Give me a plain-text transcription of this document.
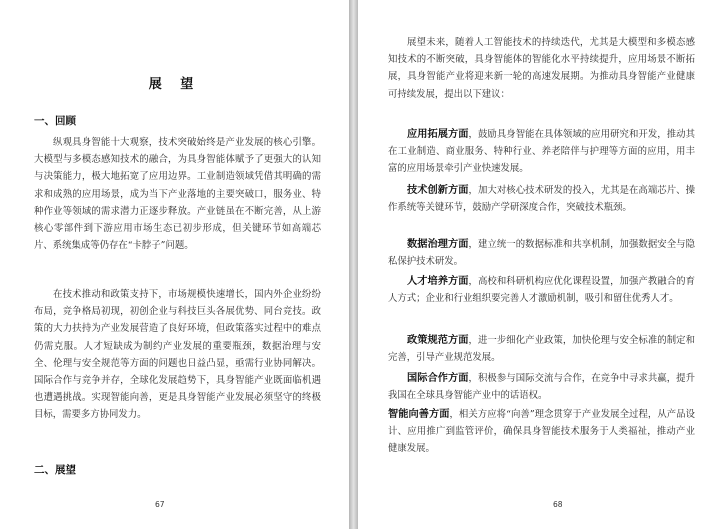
展 望
一、回顾

纵观具身智能十大观察，技术突破始终是产业发展的核心引擎。大模型与多模态感知技术的融合，为具身智能体赋予了更强大的认知与决策能力，极大地拓宽了应用边界。工业制造领域凭借其明确的需求和成熟的应用场景，成为当下产业落地的主要突破口，服务业、特种作业等领域的需求潜力正逐步释放。产业链虽在不断完善，从上游核心零部件到下游应用市场生态已初步形成，但关键环节如高端芯片、系统集成等仍存在“卡脖子”问题。

在技术推动和政策支持下，市场规模快速增长，国内外企业纷纷布局，竞争格局初现，初创企业与科技巨头各展优势、同台竞技。政策的大力扶持为产业发展营造了良好环境，但政策落实过程中的难点仍需克服。人才短缺成为制约产业发展的重要瓶颈，数据治理与安全、伦理与安全规范等方面的问题也日益凸显，亟需行业协同解决。国际合作与竞争并存，全球化发展趋势下，具身智能产业既面临机遇也遭遇挑战。实现智能向善，更是具身智能产业发展必须坚守的终极目标，需要多方协同发力。

二、展望
67

展望未来，随着人工智能技术的持续迭代，尤其是大模型和多模态感知技术的不断突破，具身智能体的智能化水平持续提升，应用场景不断拓展，具身智能产业将迎来新一轮的高速发展期。为推动具身智能产业健康可持续发展，提出以下建议：

应用拓展方面，鼓励具身智能在具体领域的应用研究和开发，推动其在工业制造、商业服务、特种行业、养老陪伴与护理等方面的应用，用丰富的应用场景牵引产业快速发展。

技术创新方面，加大对核心技术研发的投入，尤其是在高端芯片、操作系统等关键环节，鼓励产学研深度合作，突破技术瓶颈。

数据治理方面，建立统一的数据标准和共享机制，加强数据安全与隐私保护技术研发。

人才培养方面，高校和科研机构应优化课程设置，加强产教融合的育人方式；企业和行业组织要完善人才激励机制，吸引和留住优秀人才。

政策规范方面，进一步细化产业政策，加快伦理与安全标准的制定和完善，引导产业规范发展。

国际合作方面，积极参与国际交流与合作，在竞争中寻求共赢，提升我国在全球具身智能产业中的话语权。

智能向善方面，相关方应将“向善”理念贯穿于产业发展全过程，从产品设计、应用推广到监管评价，确保具身智能技术服务于人类福祉，推动产业健康发展。

68
